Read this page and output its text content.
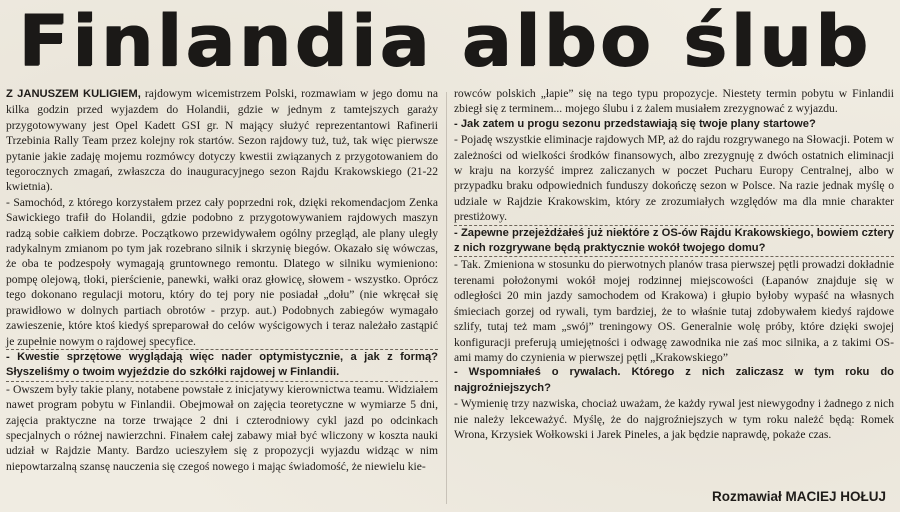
Finlandia albo ślub

Z JANUSZEM KULIGIEM, rajdowym wicemistrzem Polski, rozmawiam w jego domu na kilka godzin przed wyjazdem do Holandii, gdzie w jednym z tamtejszych garaży przygotowywany jest Opel Kadett GSI gr. N mający służyć reprezentantowi Rafinerii Trzebinia Rally Team przez kolejny rok startów. Sezon rajdowy tuż, tuż, tak więc pierwsze pytanie jakie zadaję mojemu rozmówcy dotyczy kwestii związanych z przygotowaniem do tegorocznych zmagań, zwłaszcza do inauguracyjnego sezon Rajdu Krakowskiego (21-22 kwietnia).

- Samochód, z którego korzystałem przez cały poprzedni rok, dzięki rekomendacjom Zenka Sawickiego trafił do Holandii, gdzie podobno z przygotowywaniem rajdowych maszyn radzą sobie całkiem dobrze. Początkowo przewidywałem ogólny przegląd, ale plany uległy radykalnym zmianom po tym jak rozebrano silnik i skrzynię biegów. Okazało się wówczas, że oba te podzespoły wymagają gruntownego remontu. Dlatego w silniku wymieniono: pompę olejową, tłoki, pierścienie, panewki, wałki oraz głowicę, słowem - wszystko. Oprócz tego dokonano regulacji motoru, który do tej pory nie posiadał „dołu” (nie wkręcał się prawidłowo w dolnych partiach obrotów - przyp. aut.) Podobnych zabiegów wymagało zawieszenie, które ktoś kiedyś spreparował do celów wyścigowych i teraz należało zastąpić je zupełnie nowym o rajdowej specyfice.

- Kwestie sprzętowe wyglądają więc nader optymistycznie, a jak z formą? Słyszeliśmy o twoim wyjeździe do szkółki rajdowej w Finlandii.

- Owszem były takie plany, notabene powstałe z inicjatywy kierownictwa teamu. Widziałem nawet program pobytu w Finlandii. Obejmował on zajęcia teoretyczne w wymiarze 5 dni, zajęcia praktyczne na torze trwające 2 dni i czterodniowy cykl jazd po odcinkach specjalnych o różnej nawierzchni. Finałem całej zabawy miał być wliczony w koszta nauki udział w Rajdzie Manty. Bardzo ucieszyłem się z propozycji wyjazdu widząc w nim niepowtarzalną szansę nauczenia się czegoś nowego i mając świadomość, że niewielu kie-

rowców polskich „łapie” się na tego typu propozycje. Niestety termin pobytu w Finlandii zbiegł się z terminem... mojego ślubu i z żalem musiałem zrezygnować z wyjazdu.

- Jak zatem u progu sezonu przedstawiają się twoje plany startowe?

- Pojadę wszystkie eliminacje rajdowych MP, aż do rajdu rozgrywanego na Słowacji. Potem w zależności od wielkości środków finansowych, albo zrezygnuję z dwóch ostatnich eliminacji w kraju na korzyść imprez zaliczanych w poczet Pucharu Europy Centralnej, albo w przypadku braku odpowiednich funduszy dokończę sezon w Polsce. Na razie jednak myślę o udziale w Rajdzie Krakowskim, który ze zrozumiałych względów ma dla mnie charakter prestiżowy.

- Zapewne przejeżdżałeś już niektóre z OS-ów Rajdu Krakowskiego, bowiem cztery z nich rozgrywane będą praktycznie wokół twojego domu?

- Tak. Zmieniona w stosunku do pierwotnych planów trasa pierwszej pętli prowadzi dokładnie terenami położonymi wokół mojej rodzinnej miejscowości (Łapanów znajduje się w odległości 20 min jazdy samochodem od Krakowa) i głupio byłoby wypaść na własnych śmieciach gorzej od rywali, tym bardziej, że to właśnie tutaj zdobywałem kiedyś rajdowe szlify, tutaj też mam „swój” treningowy OS. Generalnie wolę próby, które dzięki swojej konfiguracji preferują umiejętności i odwagę zawodnika nie zaś moc silnika, a z takimi OS-ami mamy do czynienia w pierwszej pętli „Krakowskiego”

- Wspomniałeś o rywalach. Którego z nich zaliczasz w tym roku do najgroźniejszych?

- Wymienię trzy nazwiska, chociaż uważam, że każdy rywal jest niewygodny i żadnego z nich nie należy lekceważyć. Myślę, że do najgroźniejszych w tym roku należć będą: Romek Wrona, Krzysiek Wołkowski i Jarek Pineles, a jak będzie naprawdę, pokaże czas.

Rozmawiał MACIEJ HOŁUJ
